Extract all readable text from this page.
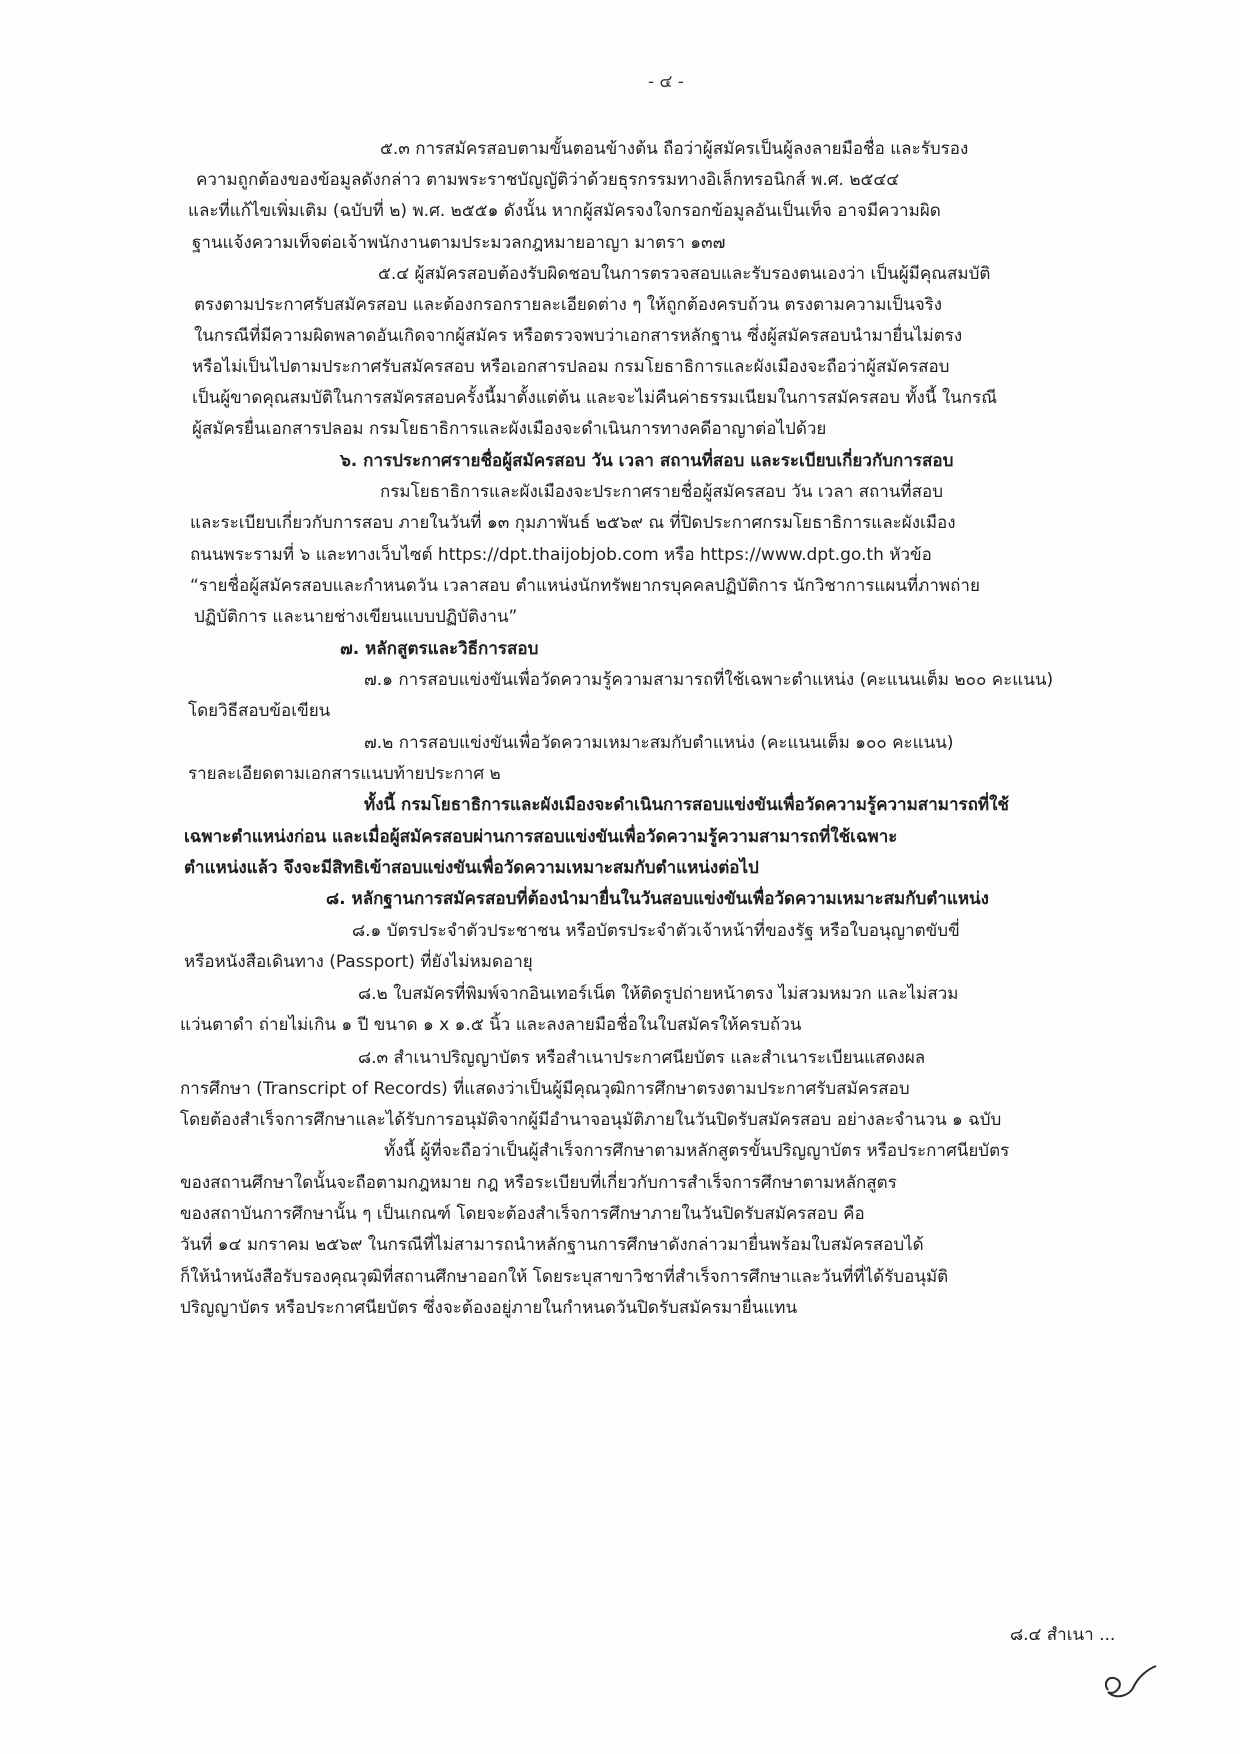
- ๔ -
๕.๓ การสมัครสอบตามขั้นตอนข้างต้น ถือว่าผู้สมัครเป็นผู้ลงลายมือชื่อ และรับรอง
ความถูกต้องของข้อมูลดังกล่าว ตามพระราชบัญญัติว่าด้วยธุรกรรมทางอิเล็กทรอนิกส์ พ.ศ. ๒๕๔๔
และที่แก้ไขเพิ่มเติม (ฉบับที่ ๒) พ.ศ. ๒๕๕๑ ดังนั้น หากผู้สมัครจงใจกรอกข้อมูลอันเป็นเท็จ อาจมีความผิด
ฐานแจ้งความเท็จต่อเจ้าพนักงานตามประมวลกฎหมายอาญา มาตรา ๑๓๗
๕.๔ ผู้สมัครสอบต้องรับผิดชอบในการตรวจสอบและรับรองตนเองว่า เป็นผู้มีคุณสมบัติ
ตรงตามประกาศรับสมัครสอบ และต้องกรอกรายละเอียดต่าง ๆ ให้ถูกต้องครบถ้วน ตรงตามความเป็นจริง
ในกรณีที่มีความผิดพลาดอันเกิดจากผู้สมัคร หรือตรวจพบว่าเอกสารหลักฐาน ซึ่งผู้สมัครสอบนำมายื่นไม่ตรง
หรือไม่เป็นไปตามประกาศรับสมัครสอบ หรือเอกสารปลอม กรมโยธาธิการและผังเมืองจะถือว่าผู้สมัครสอบ
เป็นผู้ขาดคุณสมบัติในการสมัครสอบครั้งนี้มาตั้งแต่ต้น และจะไม่คืนค่าธรรมเนียมในการสมัครสอบ ทั้งนี้ ในกรณี
ผู้สมัครยื่นเอกสารปลอม กรมโยธาธิการและผังเมืองจะดำเนินการทางคดีอาญาต่อไปด้วย
๖. การประกาศรายชื่อผู้สมัครสอบ วัน เวลา สถานที่สอบ และระเบียบเกี่ยวกับการสอบ
กรมโยธาธิการและผังเมืองจะประกาศรายชื่อผู้สมัครสอบ วัน เวลา สถานที่สอบ
และระเบียบเกี่ยวกับการสอบ ภายในวันที่ ๑๓ กุมภาพันธ์ ๒๕๖๙ ณ ที่ปิดประกาศกรมโยธาธิการและผังเมือง
ถนนพระรามที่ ๖ และทางเว็บไซต์ https://dpt.thaijobjob.com หรือ https://www.dpt.go.th หัวข้อ
“รายชื่อผู้สมัครสอบและกำหนดวัน เวลาสอบ ตำแหน่งนักทรัพยากรบุคคลปฏิบัติการ นักวิชาการแผนที่ภาพถ่าย
ปฏิบัติการ และนายช่างเขียนแบบปฏิบัติงาน”
๗. หลักสูตรและวิธีการสอบ
๗.๑ การสอบแข่งขันเพื่อวัดความรู้ความสามารถที่ใช้เฉพาะตำแหน่ง (คะแนนเต็ม ๒๐๐ คะแนน)
โดยวิธีสอบข้อเขียน
๗.๒ การสอบแข่งขันเพื่อวัดความเหมาะสมกับตำแหน่ง (คะแนนเต็ม ๑๐๐ คะแนน)
รายละเอียดตามเอกสารแนบท้ายประกาศ ๒
ทั้งนี้ กรมโยธาธิการและผังเมืองจะดำเนินการสอบแข่งขันเพื่อวัดความรู้ความสามารถที่ใช้
เฉพาะตำแหน่งก่อน และเมื่อผู้สมัครสอบผ่านการสอบแข่งขันเพื่อวัดความรู้ความสามารถที่ใช้เฉพาะ
ตำแหน่งแล้ว จึงจะมีสิทธิเข้าสอบแข่งขันเพื่อวัดความเหมาะสมกับตำแหน่งต่อไป
๘. หลักฐานการสมัครสอบที่ต้องนำมายื่นในวันสอบแข่งขันเพื่อวัดความเหมาะสมกับตำแหน่ง
๘.๑ บัตรประจำตัวประชาชน หรือบัตรประจำตัวเจ้าหน้าที่ของรัฐ หรือใบอนุญาตขับขี่
หรือหนังสือเดินทาง (Passport) ที่ยังไม่หมดอายุ
๘.๒ ใบสมัครที่พิมพ์จากอินเทอร์เน็ต ให้ติดรูปถ่ายหน้าตรง ไม่สวมหมวก และไม่สวม
แว่นตาดำ ถ่ายไม่เกิน ๑ ปี ขนาด ๑ x ๑.๕ นิ้ว และลงลายมือชื่อในใบสมัครให้ครบถ้วน
๘.๓ สำเนาปริญญาบัตร หรือสำเนาประกาศนียบัตร และสำเนาระเบียนแสดงผล
การศึกษา (Transcript of Records) ที่แสดงว่าเป็นผู้มีคุณวุฒิการศึกษาตรงตามประกาศรับสมัครสอบ
โดยต้องสำเร็จการศึกษาและได้รับการอนุมัติจากผู้มีอำนาจอนุมัติภายในวันปิดรับสมัครสอบ อย่างละจำนวน ๑ ฉบับ
ทั้งนี้ ผู้ที่จะถือว่าเป็นผู้สำเร็จการศึกษาตามหลักสูตรขั้นปริญญาบัตร หรือประกาศนียบัตร
ของสถานศึกษาใดนั้นจะถือตามกฎหมาย กฎ หรือระเบียบที่เกี่ยวกับการสำเร็จการศึกษาตามหลักสูตร
ของสถาบันการศึกษานั้น ๆ เป็นเกณฑ์ โดยจะต้องสำเร็จการศึกษาภายในวันปิดรับสมัครสอบ คือ
วันที่ ๑๔ มกราคม ๒๕๖๙ ในกรณีที่ไม่สามารถนำหลักฐานการศึกษาดังกล่าวมายื่นพร้อมใบสมัครสอบได้
ก็ให้นำหนังสือรับรองคุณวุฒิที่สถานศึกษาออกให้ โดยระบุสาขาวิชาที่สำเร็จการศึกษาและวันที่ที่ได้รับอนุมัติ
ปริญญาบัตร หรือประกาศนียบัตร ซึ่งจะต้องอยู่ภายในกำหนดวันปิดรับสมัครมายื่นแทน
๘.๔ สำเนา ...
